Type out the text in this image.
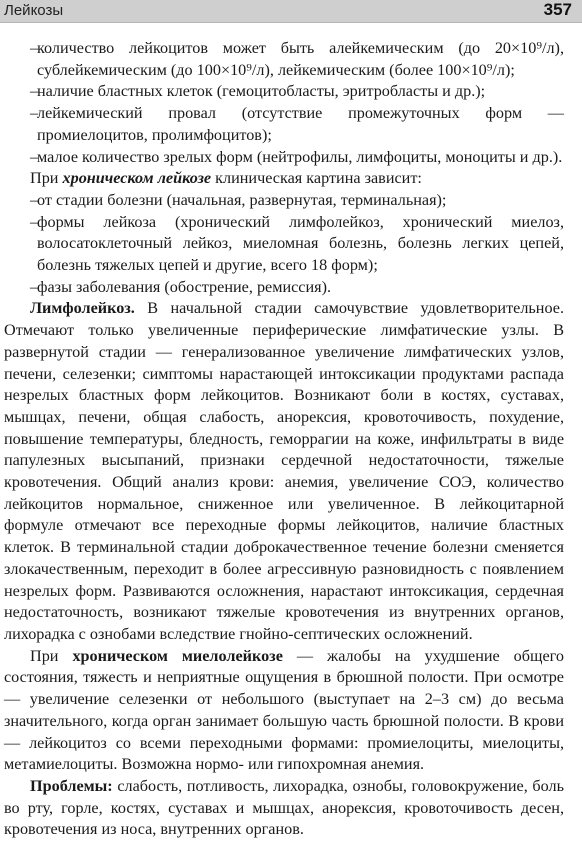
Лейкозы	357
– количество лейкоцитов может быть алейкемическим (до 20×10⁹/л), сублейкемическим (до 100×10⁹/л), лейкемическим (более 100×10⁹/л);
– наличие бластных клеток (гемоцитобласты, эритробласты и др.);
– лейкемический провал (отсутствие промежуточных форм — промиелоцитов, пролимфоцитов);
– малое количество зрелых форм (нейтрофилы, лимфоциты, моноциты и др.).

При хроническом лейкозе клиническая картина зависит:

– от стадии болезни (начальная, развернутая, терминальная);
– формы лейкоза (хронический лимфолейкоз, хронический миелоз, волосатоклеточный лейкоз, миеломная болезнь, болезнь легких цепей, болезнь тяжелых цепей и другие, всего 18 форм);
– фазы заболевания (обострение, ремиссия).

Лимфолейкоз. В начальной стадии самочувствие удовлетворительное. Отмечают только увеличенные периферические лимфатические узлы. В развернутой стадии — генерализованное увеличение лимфатических узлов, печени, селезенки; симптомы нарастающей интоксикации продуктами распада незрелых бластных форм лейкоцитов. Возникают боли в костях, суставах, мышцах, печени, общая слабость, анорексия, кровоточивость, похудение, повышение температуры, бледность, геморрагии на коже, инфильтраты в виде папулезных высыпаний, признаки сердечной недостаточности, тяжелые кровотечения. Общий анализ крови: анемия, увеличение СОЭ, количество лейкоцитов нормальное, сниженное или увеличенное. В лейкоцитарной формуле отмечают все переходные формы лейкоцитов, наличие бластных клеток. В терминальной стадии доброкачественное течение болезни сменяется злокачественным, переходит в более агрессивную разновидность с появлением незрелых форм. Развиваются осложнения, нарастают интоксикация, сердечная недостаточность, возникают тяжелые кровотечения из внутренних органов, лихорадка с ознобами вследствие гнойно-септических осложнений.

При хроническом миелолейкозе — жалобы на ухудшение общего состояния, тяжесть и неприятные ощущения в брюшной полости. При осмотре — увеличение селезенки от небольшого (выступает на 2–3 см) до весьма значительного, когда орган занимает большую часть брюшной полости. В крови — лейкоцитоз со всеми переходными формами: промиелоциты, миелоциты, метамиелоциты. Возможна нормо- или гипохромная анемия.

Проблемы: слабость, потливость, лихорадка, ознобы, головокружение, боль во рту, горле, костях, суставах и мышцах, анорексия, кровоточивость десен, кровотечения из носа, внутренних органов.
